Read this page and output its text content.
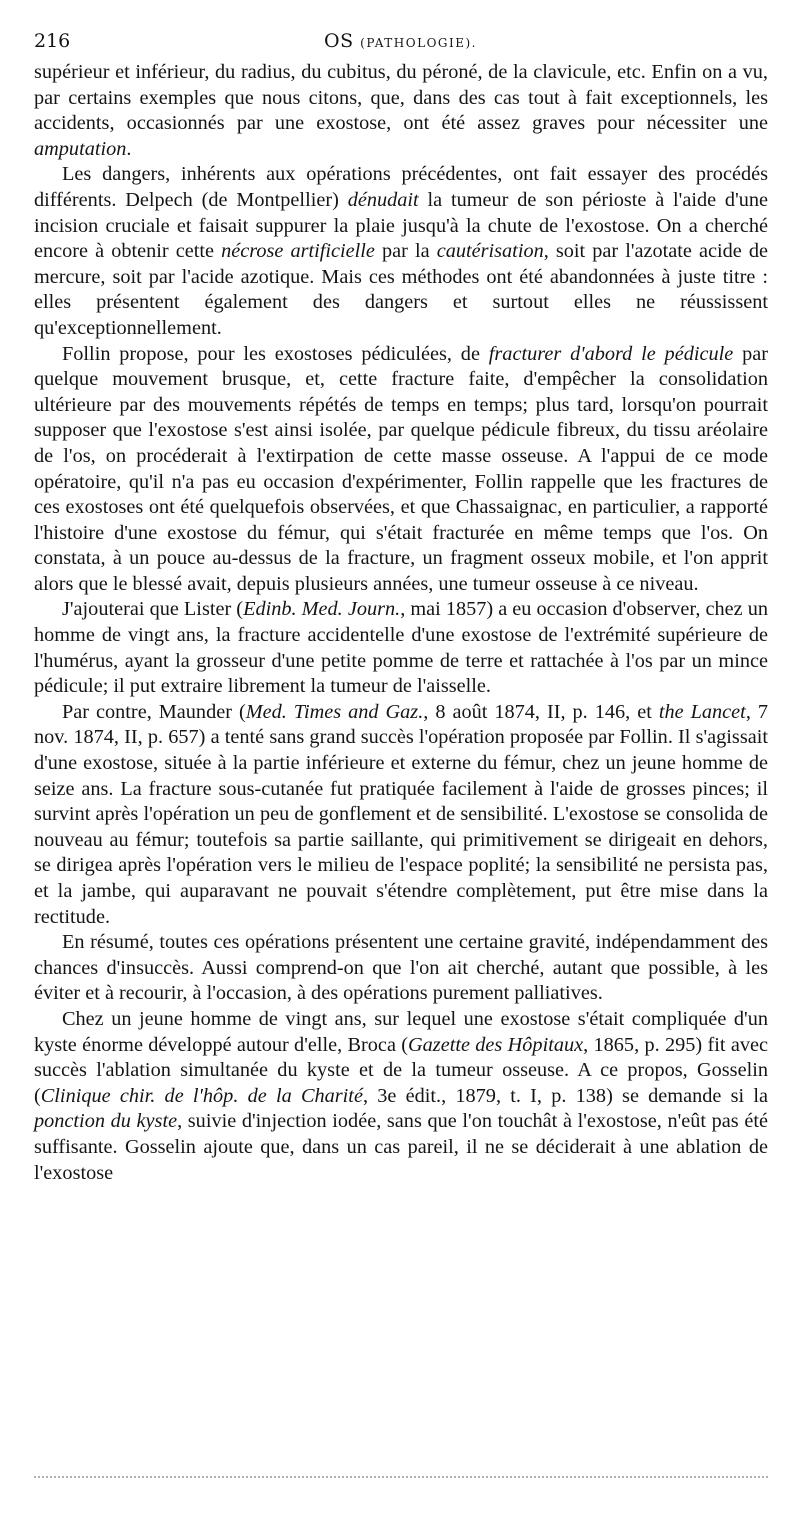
216	OS (PATHOLOGIE).

supérieur et inférieur, du radius, du cubitus, du péroné, de la clavicule, etc. Enfin on a vu, par certains exemples que nous citons, que, dans des cas tout à fait exceptionnels, les accidents, occasionnés par une exostose, ont été assez graves pour nécessiter une amputation.

Les dangers, inhérents aux opérations précédentes, ont fait essayer des procédés différents. Delpech (de Montpellier) dénudait la tumeur de son périoste à l'aide d'une incision cruciale et faisait suppurer la plaie jusqu'à la chute de l'exostose. On a cherché encore à obtenir cette nécrose artificielle par la cautérisation, soit par l'azotate acide de mercure, soit par l'acide azotique. Mais ces méthodes ont été abandonnées à juste titre : elles présentent également des dangers et surtout elles ne réussissent qu'exceptionnellement.

Follin propose, pour les exostoses pédiculées, de fracturer d'abord le pédicule par quelque mouvement brusque, et, cette fracture faite, d'empêcher la consolidation ultérieure par des mouvements répétés de temps en temps; plus tard, lorsqu'on pourrait supposer que l'exostose s'est ainsi isolée, par quelque pédicule fibreux, du tissu aréolaire de l'os, on procéderait à l'extirpation de cette masse osseuse. A l'appui de ce mode opératoire, qu'il n'a pas eu occasion d'expérimenter, Follin rappelle que les fractures de ces exostoses ont été quelquefois observées, et que Chassaignac, en particulier, a rapporté l'histoire d'une exostose du fémur, qui s'était fracturée en même temps que l'os. On constata, à un pouce au-dessus de la fracture, un fragment osseux mobile, et l'on apprit alors que le blessé avait, depuis plusieurs années, une tumeur osseuse à ce niveau.

J'ajouterai que Lister (Edinb. Med. Journ., mai 1857) a eu occasion d'observer, chez un homme de vingt ans, la fracture accidentelle d'une exostose de l'extrémité supérieure de l'humérus, ayant la grosseur d'une petite pomme de terre et rattachée à l'os par un mince pédicule; il put extraire librement la tumeur de l'aisselle.

Par contre, Maunder (Med. Times and Gaz., 8 août 1874, II, p. 146, et the Lancet, 7 nov. 1874, II, p. 657) a tenté sans grand succès l'opération proposée par Follin. Il s'agissait d'une exostose, située à la partie inférieure et externe du fémur, chez un jeune homme de seize ans. La fracture sous-cutanée fut pratiquée facilement à l'aide de grosses pinces; il survint après l'opération un peu de gonflement et de sensibilité. L'exostose se consolida de nouveau au fémur; toutefois sa partie saillante, qui primitivement se dirigeait en dehors, se dirigea après l'opération vers le milieu de l'espace poplité; la sensibilité ne persista pas, et la jambe, qui auparavant ne pouvait s'étendre complètement, put être mise dans la rectitude.

En résumé, toutes ces opérations présentent une certaine gravité, indépendamment des chances d'insuccès. Aussi comprend-on que l'on ait cherché, autant que possible, à les éviter et à recourir, à l'occasion, à des opérations purement palliatives.

Chez un jeune homme de vingt ans, sur lequel une exostose s'était compliquée d'un kyste énorme développé autour d'elle, Broca (Gazette des Hôpitaux, 1865, p. 295) fit avec succès l'ablation simultanée du kyste et de la tumeur osseuse. A ce propos, Gosselin (Clinique chir. de l'hôp. de la Charité, 3e édit., 1879, t. I, p. 138) se demande si la ponction du kyste, suivie d'injection iodée, sans que l'on touchât à l'exostose, n'eût pas été suffisante. Gosselin ajoute que, dans un cas pareil, il ne se déciderait à une ablation de l'exostose
